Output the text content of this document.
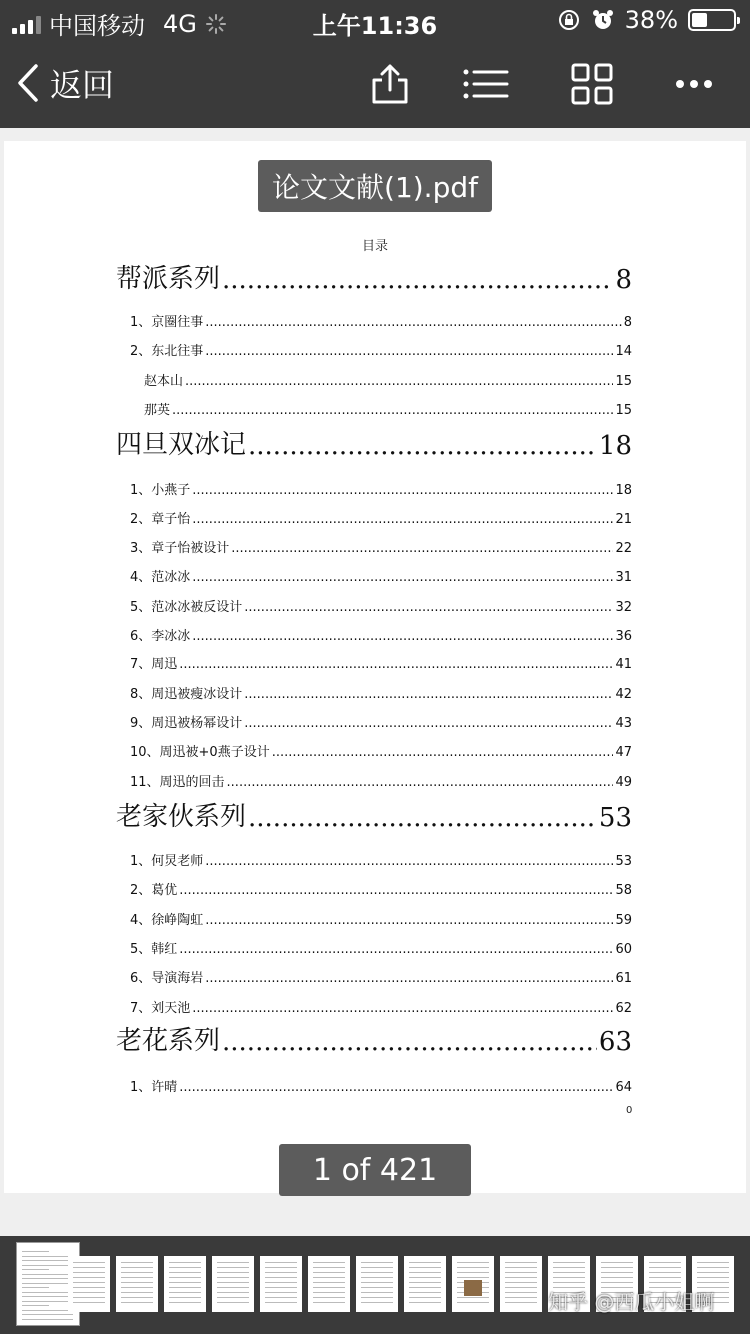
中国移动 4G	上午11:36	38%
返回
论文文献(1).pdf
目录
帮派系列 .....	8
1、京圈往事 .....	8
2、东北往事 .....	14
赵本山 .....	15
那英 .....	15
四旦双冰记 .....	18
1、小燕子 .....	18
2、章子怡 .....	21
3、章子怡被设计 .....	22
4、范冰冰 .....	31
5、范冰冰被反设计 .....	32
6、李冰冰 .....	36
7、周迅 .....	41
8、周迅被瘦冰设计 .....	42
9、周迅被杨幂设计 .....	43
10、周迅被+0燕子设计 .....	47
11、周迅的回击 .....	49
老家伙系列 .....	53
1、何炅老师 .....	53
2、葛优 .....	58
4、徐峥陶虹 .....	59
5、韩红 .....	60
6、导演海岩 .....	61
7、刘天池 .....	62
老花系列 .....	63
1、许晴 .....	64
0
1 of 421
知乎 @西瓜小姐啊
